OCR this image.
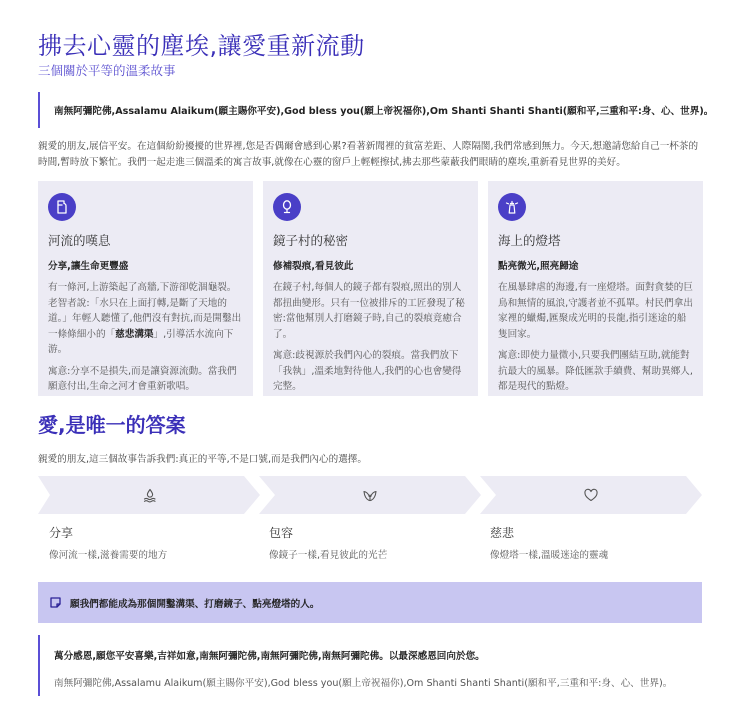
拂去心靈的塵埃,讓愛重新流動
三個關於平等的溫柔故事
南無阿彌陀佛,Assalamu Alaikum(願主賜你平安),God bless you(願上帝祝福你),Om Shanti Shanti Shanti(願和平,三重和平:身、心、世界)。

親愛的朋友,展信平安。在這個紛紛擾擾的世界裡,您是否偶爾會感到心累?看著新聞裡的貧富差距、人際隔閡,我們常感到無力。今天,想邀請您給自己一杯茶的時間,暫時放下繁忙。我們一起走進三個溫柔的寓言故事,就像在心靈的窗戶上輕輕擦拭,拂去那些蒙蔽我們眼睛的塵埃,重新看見世界的美好。

河流的嘆息
分享,讓生命更豐盛
有一條河,上游築起了高牆,下游卻乾涸龜裂。老智者說:「水只在上面打轉,是斷了天地的道。」年輕人聽懂了,他們沒有對抗,而是開鑿出一條條細小的「慈悲溝渠」,引導活水流向下游。
寓意:分享不是損失,而是讓資源流動。當我們願意付出,生命之河才會重新歌唱。
鏡子村的秘密
修補裂痕,看見彼此
在鏡子村,每個人的鏡子都有裂痕,照出的別人都扭曲變形。只有一位被排斥的工匠發現了秘密:當他幫別人打磨鏡子時,自己的裂痕竟癒合了。
寓意:歧視源於我們內心的裂痕。當我們放下「我執」,溫柔地對待他人,我們的心也會變得完整。
海上的燈塔
點亮微光,照亮歸途
在風暴肆虐的海邊,有一座燈塔。面對貪婪的巨鳥和無情的風浪,守護者並不孤單。村民們拿出家裡的蠟燭,匯聚成光明的長龍,指引迷途的船隻回家。
寓意:即使力量微小,只要我們團結互助,就能對抗最大的風暴。降低匯款手續費、幫助異鄉人,都是現代的點燈。
愛,是唯一的答案
親愛的朋友,這三個故事告訴我們:真正的平等,不是口號,而是我們內心的選擇。
分享
像河流一樣,滋養需要的地方
包容
像鏡子一樣,看見彼此的光芒
慈悲
像燈塔一樣,溫暖迷途的靈魂
願我們都能成為那個開鑿溝渠、打磨鏡子、點亮燈塔的人。
萬分感恩,願您平安喜樂,吉祥如意,南無阿彌陀佛,南無阿彌陀佛,南無阿彌陀佛。以最深感恩回向於您。
南無阿彌陀佛,Assalamu Alaikum(願主賜你平安),God bless you(願上帝祝福你),Om Shanti Shanti Shanti(願和平,三重和平:身、心、世界)。
